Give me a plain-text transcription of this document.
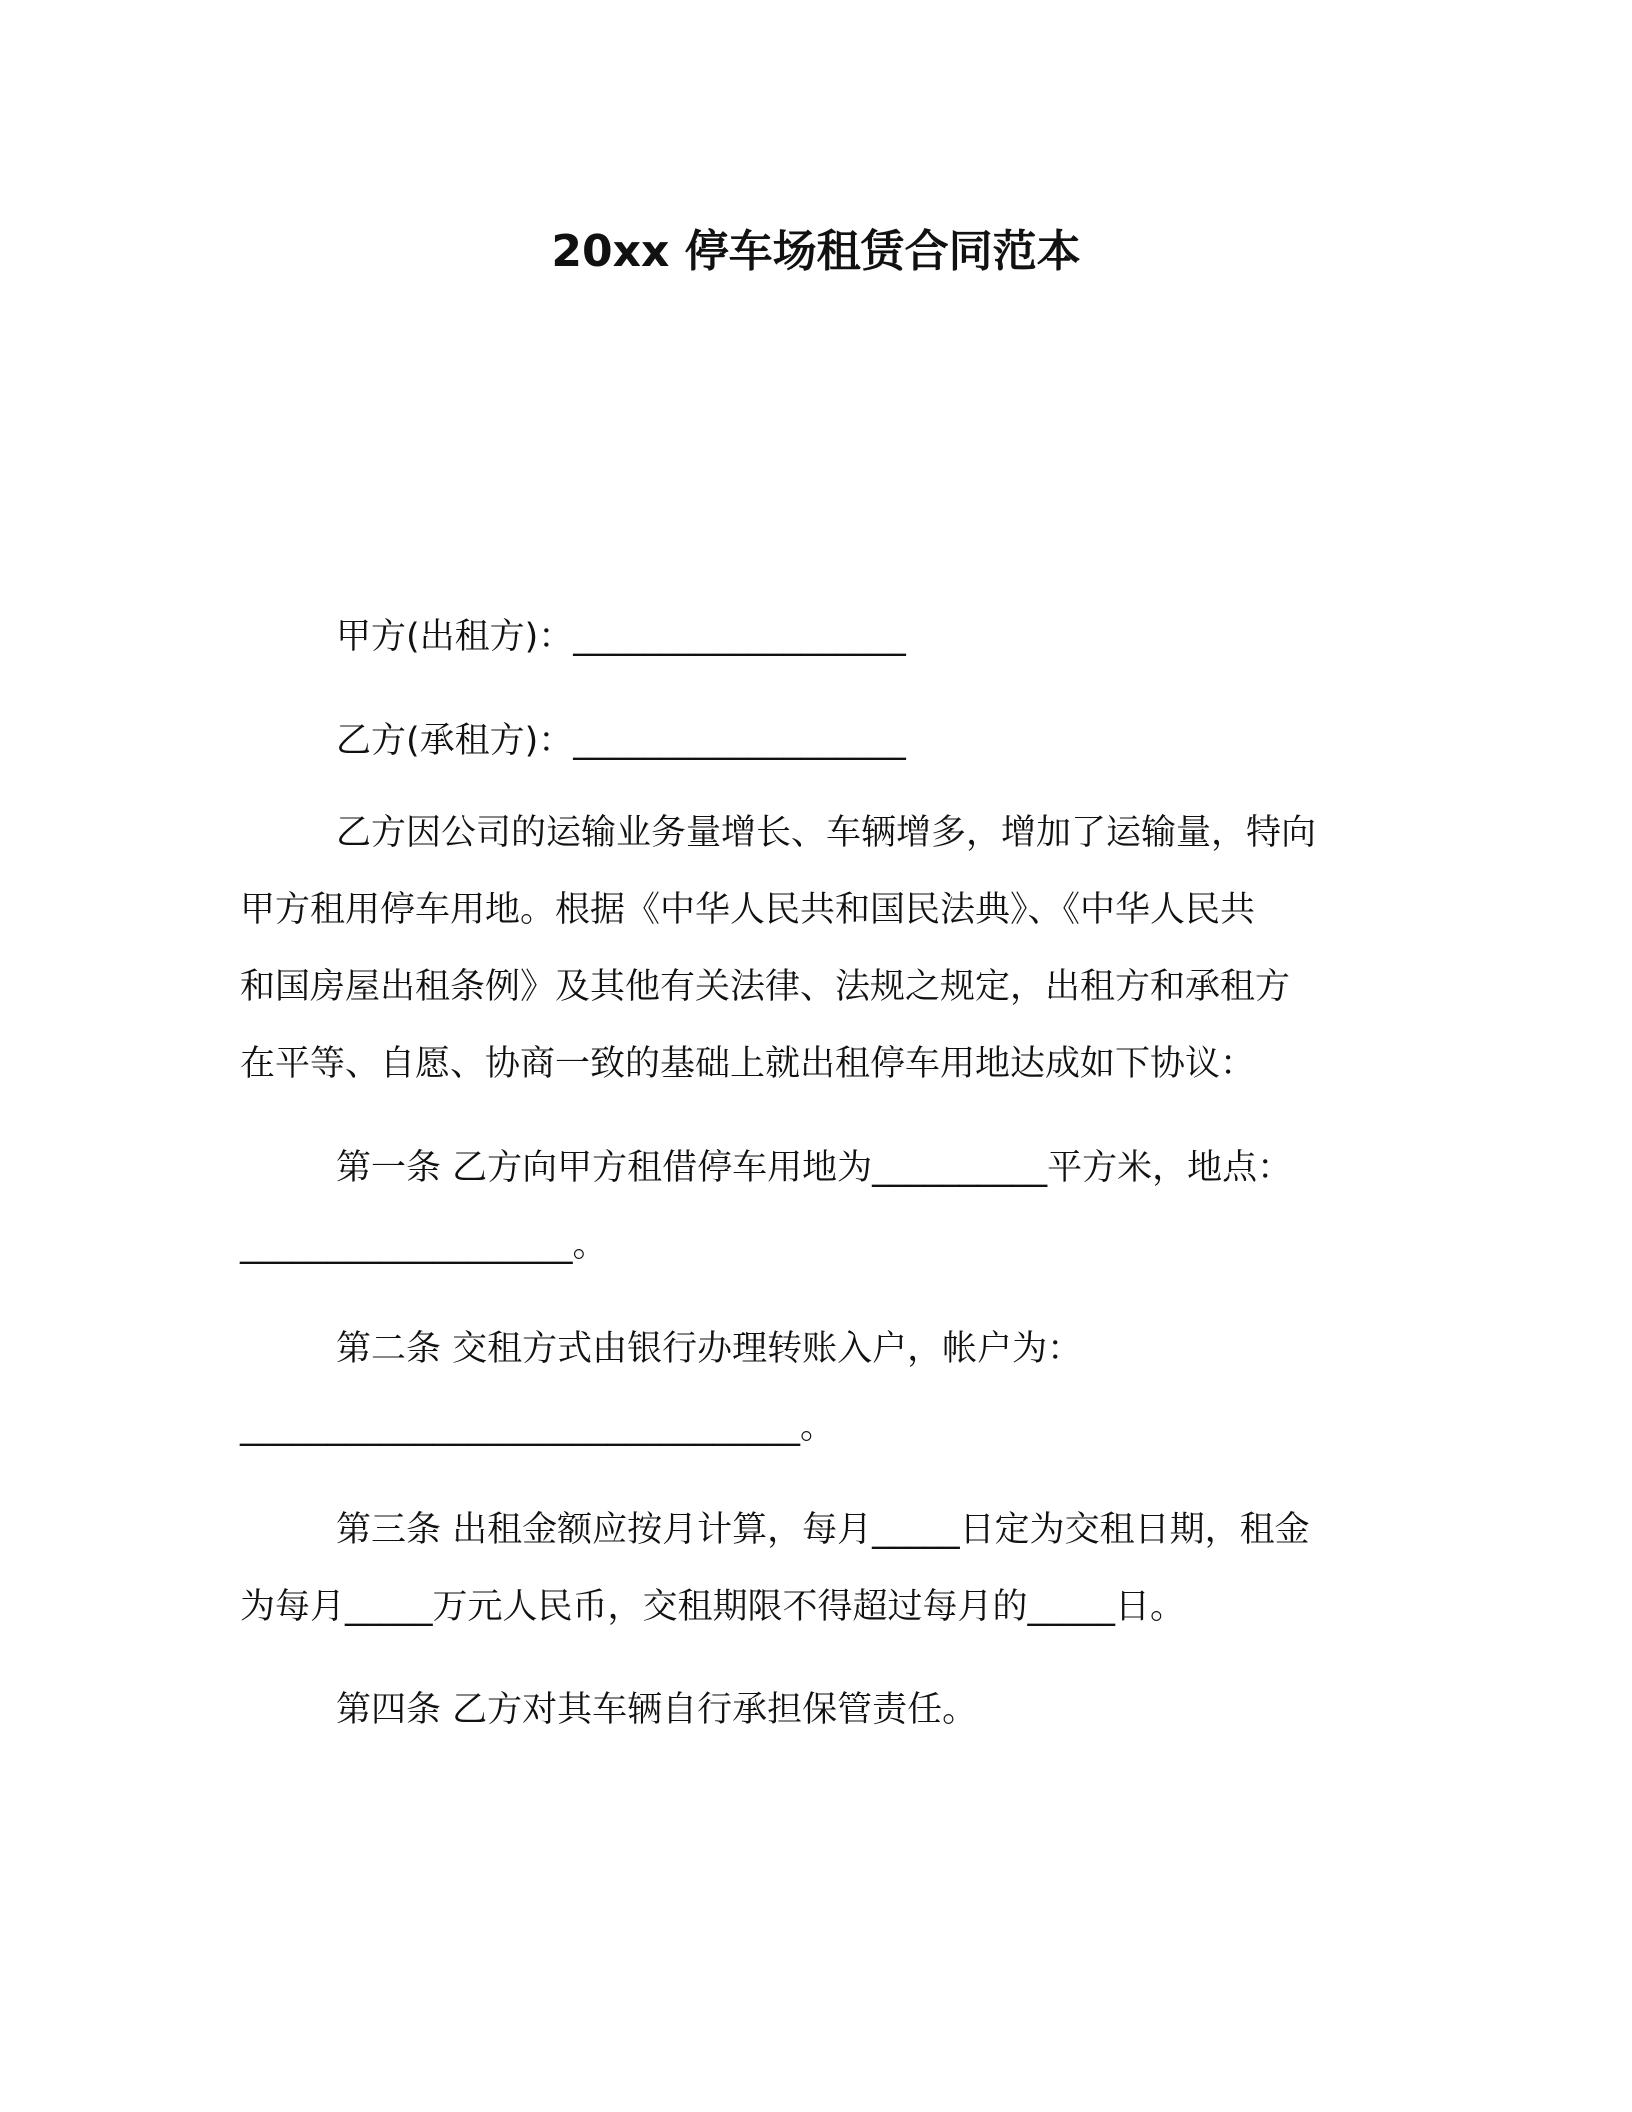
20xx 停车场租赁合同范本
甲方(出租方)：___________________
乙方(承租方)：___________________
乙方因公司的运输业务量增长、车辆增多，增加了运输量，特向
甲方租用停车用地。根据《中华人民共和国民法典》、《中华人民共
和国房屋出租条例》及其他有关法律、法规之规定，出租方和承租方
在平等、自愿、协商一致的基础上就出租停车用地达成如下协议：
第一条 乙方向甲方租借停车用地为__________平方米，地点：
___________________。
第二条 交租方式由银行办理转账入户，帐户为：
________________________________。
第三条 出租金额应按月计算，每月_____日定为交租日期，租金
为每月_____万元人民币，交租期限不得超过每月的_____日。
第四条 乙方对其车辆自行承担保管责任。
